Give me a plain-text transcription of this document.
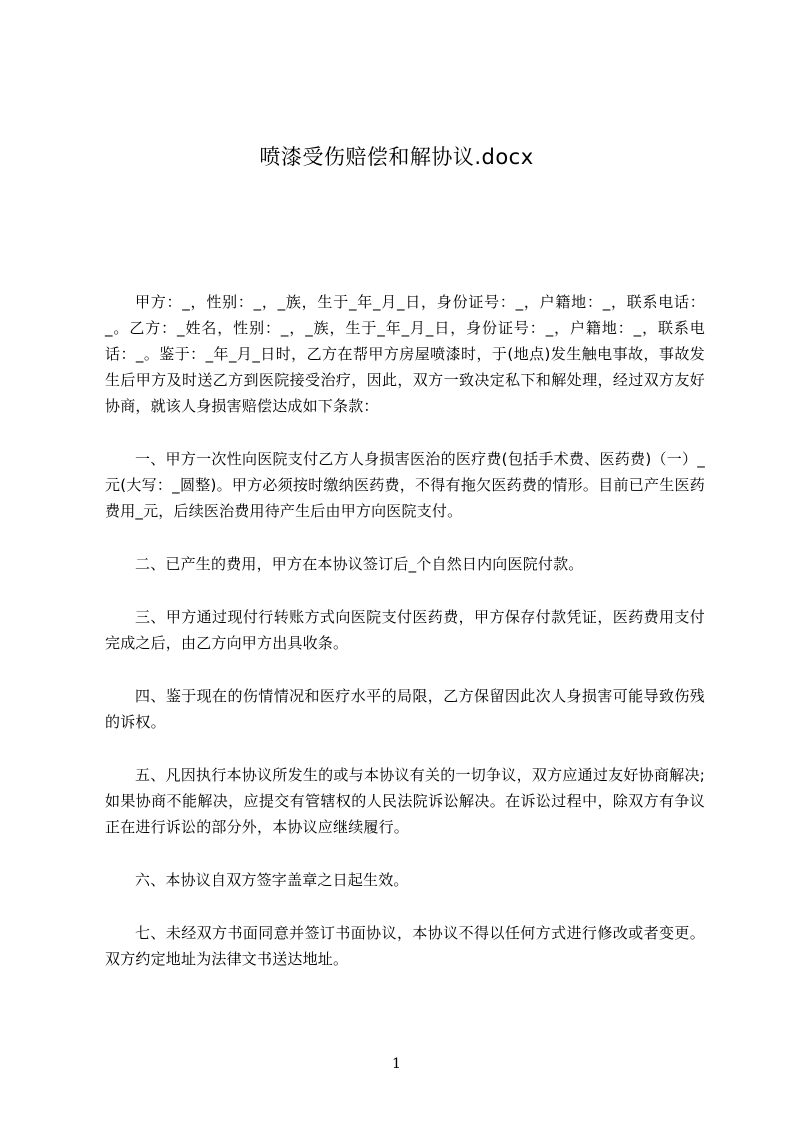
喷漆受伤赔偿和解协议.docx

甲方：_，性别：_，_族，生于_年_月_日，身份证号：_，户籍地：_，联系电话：_。乙方：_姓名，性别：_，_族，生于_年_月_日，身份证号：_，户籍地：_，联系电话：_。鉴于：_年_月_日时，乙方在帮甲方房屋喷漆时，于(地点)发生触电事故，事故发生后甲方及时送乙方到医院接受治疗，因此，双方一致决定私下和解处理，经过双方友好协商，就该人身损害赔偿达成如下条款：

一、甲方一次性向医院支付乙方人身损害医治的医疗费(包括手术费、医药费)（一）_元(大写：_圆整)。甲方必须按时缴纳医药费，不得有拖欠医药费的情形。目前已产生医药费用_元，后续医治费用待产生后由甲方向医院支付。

二、已产生的费用，甲方在本协议签订后_个自然日内向医院付款。

三、甲方通过现付行转账方式向医院支付医药费，甲方保存付款凭证，医药费用支付完成之后，由乙方向甲方出具收条。

四、鉴于现在的伤情情况和医疗水平的局限，乙方保留因此次人身损害可能导致伤残的诉权。

五、凡因执行本协议所发生的或与本协议有关的一切争议，双方应通过友好协商解决;如果协商不能解决，应提交有管辖权的人民法院诉讼解决。在诉讼过程中，除双方有争议正在进行诉讼的部分外，本协议应继续履行。

六、本协议自双方签字盖章之日起生效。

七、未经双方书面同意并签订书面协议，本协议不得以任何方式进行修改或者变更。双方约定地址为法律文书送达地址。

1
